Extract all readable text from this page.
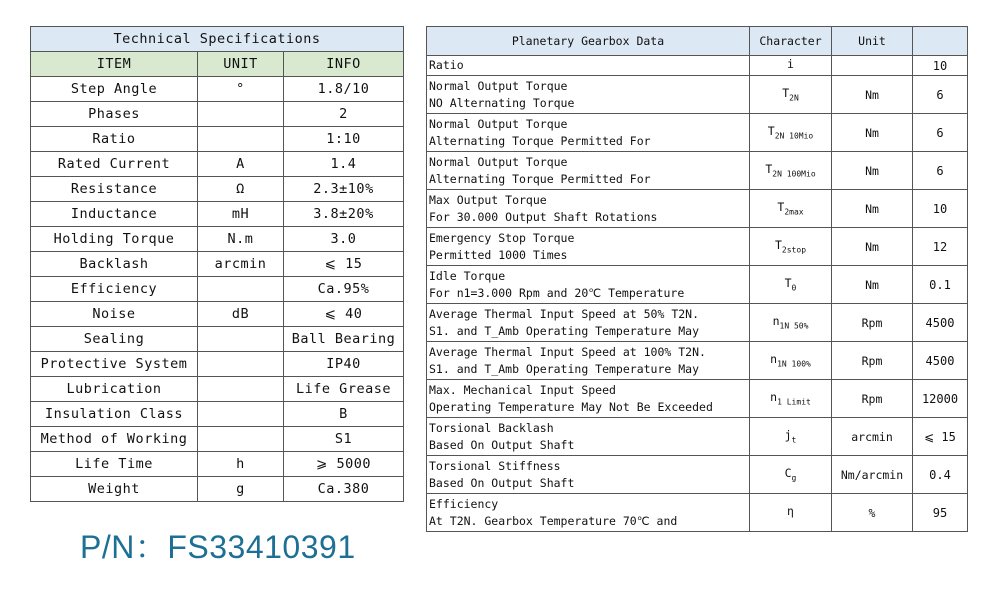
Technical Specifications		
ITEM	UNIT	INFO
Step Angle	°	1.8/10
Phases		2
Ratio		1:10
Rated Current	A	1.4
Resistance	Ω	2.3±10%
Inductance	mH	3.8±20%
Holding Torque	N.m	3.0
Backlash	arcmin	⩽ 15
Efficiency		Ca.95%
Noise	dB	⩽ 40
Sealing		Ball Bearing
Protective System		IP40
Lubrication		Life Grease
Insulation Class		B
Method of Working		S1
Life Time	h	⩾ 5000
Weight	g	Ca.380

P/N：FS33410391

Planetary Gearbox Data	Character	Unit	

Ratio	i		10

Normal Output Torque
NO Alternating Torque	$T_{2N}$	Nm	6

Normal Output Torque
Alternating Torque Permitted For	$T_{2N 10Mio}$	Nm	6

Normal Output Torque
Alternating Torque Permitted For	$T_{2N 100Mio}$	Nm	6

Max Output Torque
For 30.000 Output Shaft Rotations	$T_{2max}$	Nm	10

Emergency Stop Torque
Permitted 1000 Times	$T_{2stop}$	Nm	12

Idle Torque
For n1=3.000 Rpm and 20℃ Temperature	$T_0$	Nm	0.1

Average Thermal Input Speed at 50% T2N.
S1. and T_Amb Operating Temperature May	$n_{1N 50\%}$	Rpm	4500

Average Thermal Input Speed at 100% T2N.
S1. and T_Amb Operating Temperature May	$n_{1N 100\%}$	Rpm	4500

Max. Mechanical Input Speed
Operating Temperature May Not Be Exceeded	$n_{1 Limit}$	Rpm	12000

Torsional Backlash
Based On Output Shaft	$j_t$	arcmin	⩽ 15

Torsional Stiffness
Based On Output Shaft	$C_g$	Nm/arcmin	0.4

Efficiency
At T2N. Gearbox Temperature 70℃ and	η	%	95
